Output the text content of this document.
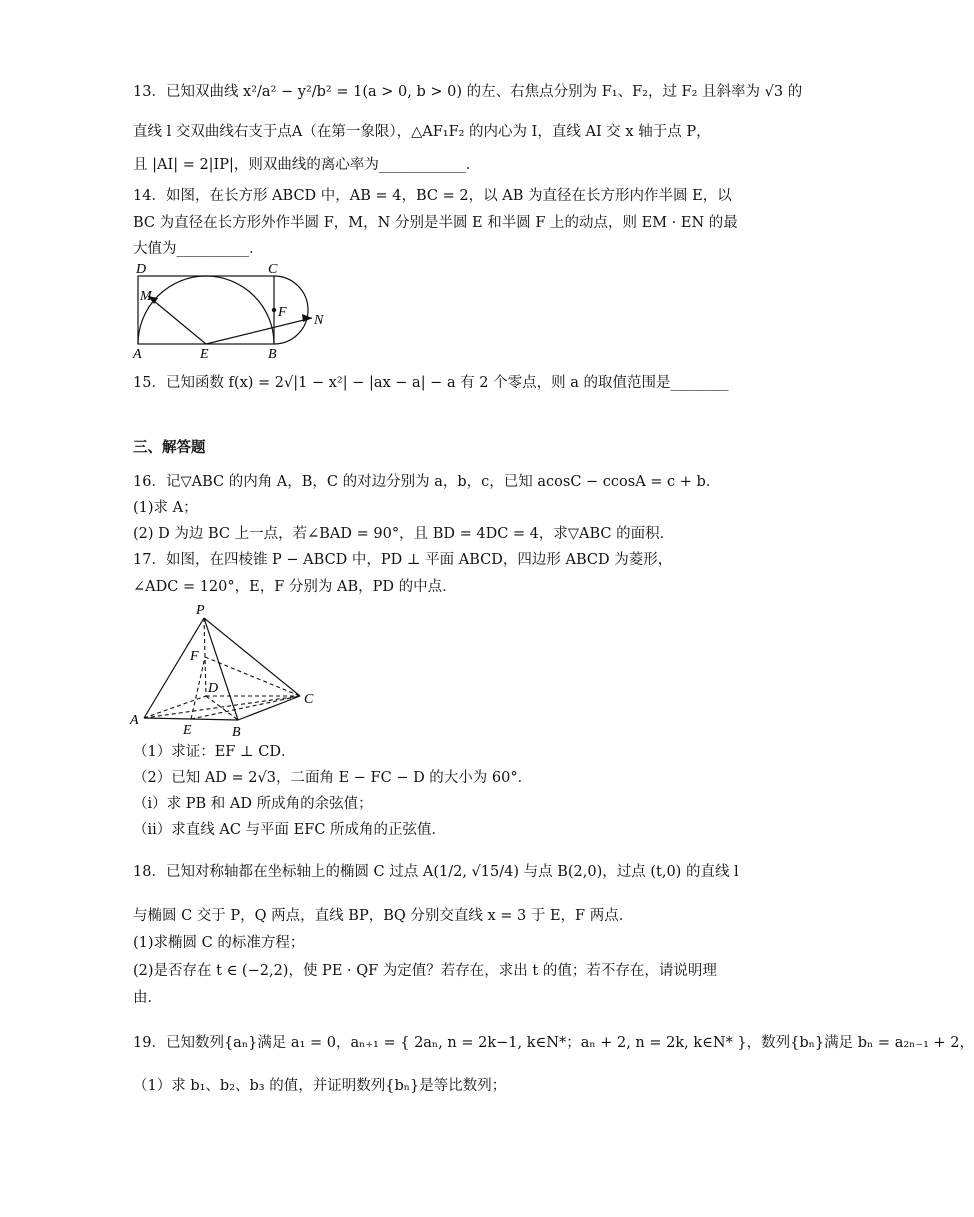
13．已知双曲线 x²/a² − y²/b² = 1(a > 0, b > 0) 的左、右焦点分别为 F₁、F₂，过 F₂ 且斜率为 √3 的
直线 l 交双曲线右支于点A（在第一象限），△AF₁F₂ 的内心为 I，直线 AI 交 x 轴于点 P，
且 |AI| = 2|IP|，则双曲线的离心率为____________．
14．如图，在长方形 ABCD 中，AB = 4，BC = 2，以 AB 为直径在长方形内作半圆 E，以
BC 为直径在长方形外作半圆 F，M，N 分别是半圆 E 和半圆 F 上的动点，则 EM · EN 的最
大值为__________．
D	C
M
F
N
A	E	B
15．已知函数 f(x) = 2√|1 − x²| − |ax − a| − a 有 2 个零点，则 a 的取值范围是________
三、解答题
16．记▽ABC 的内角 A，B，C 的对边分别为 a，b，c，已知 acosC − ccosA = c + b．
(1)求 A；
(2) D 为边 BC 上一点，若∠BAD = 90°，且 BD = 4DC = 4，求▽ABC 的面积．
17．如图，在四棱锥 P − ABCD 中，PD ⊥ 平面 ABCD，四边形 ABCD 为菱形，
∠ADC = 120°，E，F 分别为 AB，PD 的中点．
P
F
D
C
A
E	B
（1）求证：EF ⊥ CD．
（2）已知 AD = 2√3，二面角 E − FC − D 的大小为 60°．
（i）求 PB 和 AD 所成角的余弦值；
（ii）求直线 AC 与平面 EFC 所成角的正弦值．
18．已知对称轴都在坐标轴上的椭圆 C 过点 A(1/2, √15/4) 与点 B(2,0)，过点 (t,0) 的直线 l
与椭圆 C 交于 P，Q 两点，直线 BP，BQ 分别交直线 x = 3 于 E，F 两点．
(1)求椭圆 C 的标准方程；
(2)是否存在 t ∈ (−2,2)，使 PE · QF 为定值？若存在，求出 t 的值；若不存在，请说明理
由．
19．已知数列{aₙ}满足 a₁ = 0，aₙ₊₁ = { 2aₙ, n = 2k−1, k∈N*；aₙ + 2, n = 2k, k∈N* }，数列{bₙ}满足 bₙ = a₂ₙ₋₁ + 2，
（1）求 b₁、b₂、b₃ 的值，并证明数列{bₙ}是等比数列；
